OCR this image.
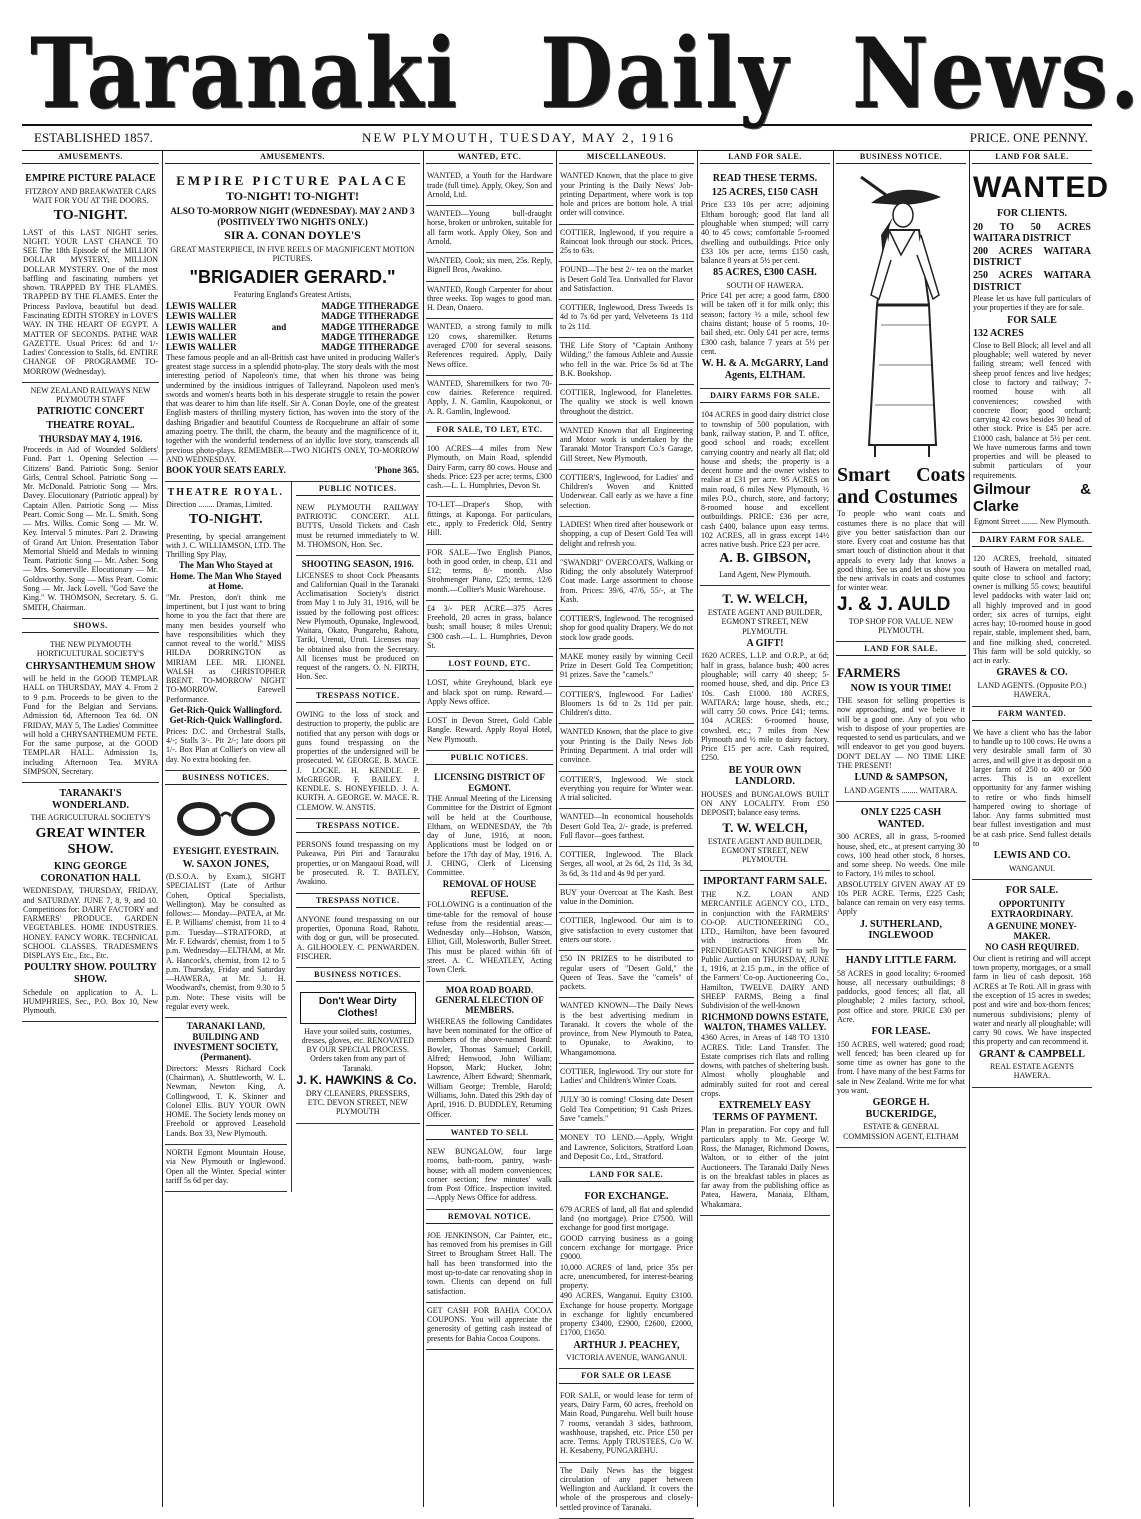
Taranaki Daily News.
ESTABLISHED 1857.	NEW PLYMOUTH, TUESDAY, MAY 2, 1916	PRICE. ONE PENNY.
AMUSEMENTS.

EMPIRE PICTURE PALACE

FITZROY AND BREAKWATER CARS WAIT FOR YOU AT THE DOORS.

TO-NIGHT.

LAST of this LAST NIGHT series. NIGHT. YOUR LAST CHANCE TO SEE The 18th Episode of the MILLION DOLLAR MYSTERY, MILLION DOLLAR MYSTERY. One of the most baffling and fascinating numbers yet shown. TRAPPED BY THE FLAMES. TRAPPED BY THE FLAMES. Enter the Princess Pavlova, beautiful but dead. Fascinating EDITH STOREY in LOVE'S WAY. IN THE HEART OF EGYPT. A MATTER OF SECONDS. PATHE WAR GAZETTE. Usual Prices: 6d and 1/- Ladies' Concession to Stalls, 6d. ENTIRE CHANGE OF PROGRAMME TO-MORROW (Wednesday).

NEW ZEALAND RAILWAYS NEW PLYMOUTH STAFF

PATRIOTIC CONCERT

THEATRE ROYAL.

THURSDAY MAY 4, 1916.

Proceeds in Aid of Wounded Soldiers' Fund. Part 1. Opening Selection — Citizens' Band. Patriotic Song. Senior Girls, Central School. Patriotic Song — Mr. McDonald. Patriotic Song — Mrs. Davey. Elocutionary (Patriotic appeal) by Captain Allen. Patriotic Song — Miss Peart. Comic Song — Mr. L. Smith. Song — Mrs. Wilks. Comic Song — Mr. W. Key. Interval 5 minutes. Part 2. Drawing of Grand Art Union. Presentation Tabor Memorial Shield and Medals to winning Team. Patriotic Song — Mr. Asher. Song — Mrs. Somerville. Elocutionary — Mr. Goldsworthy. Song — Miss Peart. Comic Song — Mr. Jack Lovell. "God Save the King." W. THOMSON, Secretary. S. G. SMITH, Chairman.

SHOWS.

THE NEW PLYMOUTH HORTICULTURAL SOCIETY'S

CHRYSANTHEMUM SHOW

will be held in the GOOD TEMPLAR HALL on THURSDAY, MAY 4. From 2 to 9 p.m. Proceeds to be given to the Fund for the Belgian and Servians. Admission 6d, Afternoon Tea 6d. ON FRIDAY, MAY 5, The Ladies' Committee will hold a CHRYSANTHEMUM FETE. For the same purpose, at the GOOD TEMPLAR HALL. Admission 1s, including Afternoon Tea. MYRA SIMPSON, Secretary.

TARANAKI'S WONDERLAND.

THE AGRICULTURAL SOCIETY'S

GREAT WINTER SHOW.

KING GEORGE CORONATION HALL

WEDNESDAY, THURSDAY, FRIDAY, and SATURDAY. JUNE 7, 8, 9, and 10. Competitions for: DAIRY FACTORY and FARMERS' PRODUCE. GARDEN VEGETABLES. HOME INDUSTRIES. HONEY. FANCY WORK. TECHNICAL SCHOOL CLASSES. TRADESMEN'S DISPLAYS Etc., Etc., Etc.

POULTRY SHOW. POULTRY SHOW.

Schedule on application to A. L. HUMPHRIES, Sec., P.O. Box 10, New Plymouth.

AMUSEMENTS.

EMPIRE PICTURE PALACE

TO-NIGHT! TO-NIGHT!

ALSO TO-MORROW NIGHT (WEDNESDAY). MAY 2 AND 3 (POSITIVELY TWO NIGHTS ONLY.)

SIR A. CONAN DOYLE'S

GREAT MASTERPIECE, IN FIVE REELS OF MAGNIFICENT MOTION PICTURES.

"BRIGADIER GERARD."

Featuring England's Greatest Artists,

LEWIS WALLER	MADGE TITHERADGE
LEWIS WALLER	MADGE TITHERADGE
LEWIS WALLER	and	MADGE TITHERADGE
LEWIS WALLER	MADGE TITHERADGE
LEWIS WALLER	MADGE TITHERADGE

These famous people and an all-British cast have united in producing Waller's greatest stage success in a splendid photo-play. The story deals with the most interesting period of Napoleon's time, that when his throne was being undermined by the insidious intrigues of Talleyrand. Napoleon used men's swords and women's hearts both in his desperate struggle to retain the power that was dearer to him than life itself. Sir A. Conan Doyle, one of the greatest English masters of thrilling mystery fiction, has woven into the story of the dashing Brigadier and beautiful Countess de Rocquebrune an affair of some amazing poetry. The thrill, the charm, the beauty and the magnificence of it, together with the wonderful tenderness of an idyllic love story, transcends all previous photo-plays. REMEMBER—TWO NIGHTS ONLY, TO-MORROW AND WEDNESDAY.

BOOK YOUR SEATS EARLY.	'Phone 365.

THEATRE ROYAL.

Direction ........ Dramas, Limited.

TO-NIGHT.

Presenting, by special arrangement with J. C. WILLIAMSON, LTD. The Thrilling Spy Play,

The Man Who Stayed at Home. The Man Who Stayed at Home.

"Mr. Preston, don't think me impertinent, but I just want to bring home to you the fact that there are many men besides yourself who have responsibilities which they cannot reveal to the world." MISS HILDA DORRINGTON as MIRIAM LEE. MR. LIONEL WALSH as CHRISTOPHER BRENT. TO-MORROW NIGHT TO-MORROW. Farewell Performance.

Get-Rich-Quick Wallingford. Get-Rich-Quick Wallingford.

Prices: D.C. and Orchestral Stalls, 4/-; Stalls 3/-. Pit 2/-; late doors pit 1/-. Box Plan at Collier's on view all day. No extra booking fee.

BUSINESS NOTICES.

EYESIGHT. EYESTRAIN.

W. SAXON JONES,

(D.S.O.A. by Exam.), SIGHT SPECIALIST (Late of Arthur Cohen, Optical Specialists, Wellington). May be consulted as follows:— Monday—PATEA, at Mr. E. P. Williams' chemist, from 11 to 4 p.m. Tuesday—STRATFORD, at Mr. F. Edwards', chemist, from 1 to 5 p.m. Wednesday—ELTHAM, at Mr. A. Hancock's, chemist, from 12 to 5 p.m. Thursday, Friday and Saturday—HAWERA, at Mr. J. H. Woodward's, chemist, from 9.30 to 5 p.m. Note: These visits will be regular every week.

TARANAKI LAND, BUILDING AND INVESTMENT SOCIETY, (Permanent).

Directors: Messrs Richard Cock (Chairman), A. Shuttleworth, W. L. Newman, Newton King, A. Collingwood, T. K. Skinner and Colonel Ellis. BUY YOUR OWN HOME. The Society lends money on Freehold or approved Leasehold Lands. Box 33, New Plymouth.

NORTH Egmont Mountain House, via New Plymouth or Inglewood. Open all the Winter. Special winter tariff 5s 6d per day.

PUBLIC NOTICES.

NEW PLYMOUTH RAILWAY PATRIOTIC CONCERT. ALL BUTTS, Unsold Tickets and Cash must be returned immediately to W. M. THOMSON, Hon. Sec.

SHOOTING SEASON, 1916.

LICENSES to shoot Cock Pheasants and Californian Quail in the Taranaki Acclimatisation Society's district from May 1 to July 31, 1916, will be issued by the following post offices: New Plymouth, Opunake, Inglewood, Waitara, Okato, Pungarehu, Rahotu, Tariki, Urenui, Uruti. Licenses may be obtained also from the Secretary. All licenses must be produced on request of the rangers. O. N. FIRTH, Hon. Sec.

TRESPASS NOTICE.

OWING to the loss of stock and destruction to property, the public are notified that any person with dogs or guns found trespassing on the properties of the undersigned will be prosecuted. W. GEORGE. B. MACE. J. LOCKE. H. KENDLE. P. McGREGOR. F. BAILEY. J. KENDLE. S. HONEYFIELD. J. A. KURTH. A. GEORGE. W. MACE. R. CLEMOW. W. ANSTIS.

TRESPASS NOTICE.

PERSONS found trespassing on my Pukeawa, Piri Piri and Tarauraku properties, or on Mangaoui Road, will be prosecuted. R. T. BATLEY, Awakino.

TRESPASS NOTICE.

ANYONE found trespassing on our properties, Oponuna Road, Rahotu, with dog or gun, will be prosecuted. A. GILHOOLEY. C. PENWARDEN. FISCHER.

BUSINESS NOTICES.
Don't Wear Dirty Clothes!

Have your soiled suits, costumes, dresses, gloves, etc. RENOVATED BY OUR SPECIAL PROCESS. Orders taken from any part of Taranaki.

J. K. HAWKINS & Co.

DRY CLEANERS, PRESSERS, ETC. DEVON STREET, NEW PLYMOUTH

WANTED, ETC.

WANTED, a Youth for the Hardware trade (full time). Apply, Okey, Son and Arnold, Ltd.

WANTED—Young bull-draught horse, broken or unbroken, suitable for all farm work. Apply Okey, Son and Arnold.

WANTED, Cook; six men, 25s. Reply, Bignell Bros, Awakino.

WANTED, Rough Carpenter for about three weeks. Top wages to good man. H. Dean, Onaero.

WANTED, a strong family to milk 120 cows, sharemilker. Returns averaged £700 for several seasons. References required. Apply, Daily News office.

WANTED, Sharemilkers for two 70-cow dairies. Reference required. Apply, J. N. Gamlin, Kaupokonui, or A. R. Gamlin, Inglewood.

FOR SALE, TO LET, ETC.

100 ACRES—4 miles from New Plymouth, on Main Road, splendid Dairy Farm, carry 80 cows. House and sheds. Price: £23 per acre; terms, £300 cash.—L. L. Humphries, Devon St.

TO-LET—Draper's Shop, with fittings, at Kaponga. For particulars, etc., apply to Frederick Old, Sentry Hill.

FOR SALE—Two English Pianos, both in good order, in cheap, £11 and £12; terms, 8/- month. Also Strohmenger Piano, £25; terms, 12/6 month.—Collier's Music Warehouse.

£4 3/- PER ACRE—375 Acres Freehold, 20 acres in grass, balance bush; small house; 8 miles Urenui; £300 cash.—L. L. Humphries, Devon St.

LOST FOUND, ETC.

LOST, white Greyhound, black eye and black spot on rump. Reward.—Apply News office.

LOST in Devon Street, Gold Cable Bangle. Reward. Apply Royal Hotel, New Plymouth.

PUBLIC NOTICES.

LICENSING DISTRICT OF EGMONT.

THE Annual Meeting of the Licensing Committee for the District of Egmont will be held at the Courthouse, Eltham, on WEDNESDAY, the 7th day of June, 1916, at noon. Applications must be lodged on or before the 17th day of May, 1916. A. J. CHING, Clerk of Licensing Committee.

REMOVAL OF HOUSE REFUSE.

FOLLOWING is a continuation of the time-table for the removal of house refuse from the residential areas:— Wednesday only—Hobson, Watson, Elliot, Gill, Molesworth, Buller Street. This must be placed within 6ft of street. A. C. WHEATLEY, Acting Town Clerk.

MOA ROAD BOARD. GENERAL ELECTION OF MEMBERS.

WHEREAS the following Candidates have been nominated for the office of members of the above-named Board: Bowler, Thomas Samuel; Corkill, Alfred; Henwood, John William; Hopson, Mark; Hucker, John; Lawrence, Albert Edward; Shenmark, William George; Tremble, Harold; Williams, John. Dated this 29th day of April, 1916. D. BUDDLEY, Returning Officer.

WANTED TO SELL

NEW BUNGALOW, four large rooms, bath-room, pantry, wash-house; with all modern conveniences; corner section; few minutes' walk from Post Office. Inspection invited.—Apply News Office for address.

REMOVAL NOTICE.

JOE JENKINSON, Car Painter, etc., has removed from his premises in Gill Street to Brougham Street Hall. The hall has been transformed into the most up-to-date car renovating shop in town. Clients can depend on full satisfaction.

GET CASH FOR BAHIA COCOA COUPONS. You will appreciate the generosity of getting cash instead of presents for Bahia Cocoa Coupons.

MISCELLANEOUS.

WANTED Known, that the place to give your Printing is the Daily News' Job-printing Department, where work is top hole and prices are bottom hole. A trial order will convince.

COTTIER, Inglewood, if you require a Raincoat look through our stock. Prices, 25s to 63s.

FOUND—The best 2/- tea on the market is Desert Gold Tea. Unrivalled for Flavor and Satisfaction.

COTTIER, Inglewood, Dress Tweeds 1s 4d to 7s 6d per yard, Velveteens 1s 11d to 2s 11d.

THE Life Story of "Captain Anthony Wilding," the famous Athlete and Aussie who fell in the war. Price 5s 6d at The B.K. Bookshop.

COTTIER, Inglewood, for Flanelettes. The quality we stock is well known throughout the district.

WANTED Known that all Engineering and Motor work is undertaken by the Taranaki Motor Transport Co.'s Garage, Gill Street, New Plymouth.

COTTIER'S, Inglewood, for Ladies' and Children's Woven and Knitted Underwear. Call early as we have a fine selection.

LADIES! When tired after housework or shopping, a cup of Desert Gold Tea will delight and refresh you.

"SWANDRI" OVERCOATS, Walking or Riding; the only absolutely Waterproof Coat made. Large assortment to choose from. Prices: 39/6, 47/6, 55/-, at The Kash.

COTTIER'S, Inglewood. The recognised shop for good quality Drapery. We do not stock low grade goods.

MAKE money easily by winning Cecil Prize in Desert Gold Tea Competition; 91 prizes. Save the "camels."

COTTIER'S, Inglewood. For Ladies' Bloomers 1s 6d to 2s 11d per pair. Children's ditto.

WANTED Known, that the place to give your Printing is the Daily News Job Printing Department. A trial order will convince.

COTTIER'S, Inglewood. We stock everything you require for Winter wear. A trial solicited.

WANTED—In economical households Desert Gold Tea, 2/- grade, is preferred. Full flavor—goes farthest.

COTTIER, Inglewood. The Black Serges, all wool, at 2s 6d, 2s 11d, 3s 3d, 3s 6d, 3s 11d and 4s 9d per yard.

BUY your Overcoat at The Kash. Best value in the Dominion.

COTTIER, Inglewood. Our aim is to give satisfaction to every customer that enters our store.

£50 IN PRIZES to be distributed to regular users of "Desert Gold," the Queen of Teas. Save the "camels" of packets.

WANTED KNOWN—The Daily News is the best advertising medium in Taranaki. It covers the whole of the province, from New Plymouth to Patea, to Opunake, to Awakino, to Whangamomona.

COTTIER, Inglewood. Try our store for Ladies' and Children's Winter Coats.

JULY 30 is coming! Closing date Desert Gold Tea Competition; 91 Cash Prizes. Save "camels."

MONEY TO LEND.—Apply, Wright and Lawrence, Solicitors, Stratford Loan and Deposit Co., Ltd., Stratford.

LAND FOR SALE.

FOR EXCHANGE.

679 ACRES of land, all flat and splendid land (no mortgage). Price £7500. Will exchange for good first mortgage.

GOOD carrying business as a going concern exchange for mortgage. Price £9000.

10,000 ACRES of land, price 35s per acre, unencumbered, for interest-bearing property.

490 ACRES, Wanganui. Equity £3100. Exchange for house property. Mortgage in exchange for lightly encumbered property £3400, £2900, £2600, £2000, £1700, £1650.

ARTHUR J. PEACHEY,

VICTORIA AVENUE, WANGANUI.

FOR SALE OR LEASE

FOR SALE, or would lease for term of years, Dairy Farm, 60 acres, freehold on Main Road, Pungarehu. Well built house 7 rooms, verandah 3 sides, bathroom, washhouse, trapshed, etc. Price £50 per acre. Terms. Apply TRUSTEES, C/o W. H. Kesaberry, PUNGAREHU.

The Daily News has the biggest circulation of any paper between Wellington and Auckland. It covers the whole of the prosperous and closely-settled province of Taranaki.

LAND FOR SALE.

READ THESE TERMS.

125 ACRES, £150 CASH

Price £33 10s per acre; adjoining Eltham borough; good flat land all ploughable when stumped; will carry 40 to 45 cows; comfortable 5-roomed dwelling and outbuildings. Price only £33 10s per acre, terms £150 cash, balance 8 years at 5½ per cent.

85 ACRES, £300 CASH.

SOUTH OF HAWERA.

Price £41 per acre; a good farm, £800 will be taken off it for milk only; this season; factory ½ a mile, school few chains distant; house of 5 rooms, 10-bail shed, etc. Only £41 per acre, terms £300 cash, balance 7 years at 5½ per cent.

W. H. & A. McGARRY, Land Agents, ELTHAM.

DAIRY FARMS FOR SALE.

104 ACRES in good dairy district close to township of 500 population, with bank, railway station, P. and T. office, good school and roads; excellent carrying country and nearly all flat; old house and sheds; the property is a decent home and the owner wishes to realise at £31 per acre. 95 ACRES on main road, 6 miles New Plymouth, ½ miles P.O., church, store, and factory; 8-roomed house and excellent outbuildings. PRICE: £36 per acre, cash £400, balance upon easy terms. 102 ACRES, all in grass except 14½ acres native bush. Price £23 per acre.

A. B. GIBSON,

Land Agent, New Plymouth.

T. W. WELCH,

ESTATE AGENT AND BUILDER, EGMONT STREET, NEW PLYMOUTH.

A GIFT!

1620 ACRES, L.I.P. and O.R.P., at 6d; half in grass, balance bush; 400 acres ploughable; will carry 40 sheep; 5-roomed house, shed, and dip. Price £3 10s. Cash £1000. 180 ACRES, WAITARA; large house, sheds, etc.; will carry 50 cows. Price £41; terms. 104 ACRES: 6-roomed house, cowshed, etc.; 7 miles from New Plymouth and ½ mile to dairy factory. Price £15 per acre. Cash required, £250.

BE YOUR OWN LANDLORD.

HOUSES and BUNGALOWS BUILT ON ANY LOCALITY. From £50 DEPOSIT; balance easy terms.

T. W. WELCH,

ESTATE AGENT AND BUILDER, EGMONT STREET, NEW PLYMOUTH.

IMPORTANT FARM SALE.

THE N.Z. LOAN AND MERCANTILE AGENCY CO., LTD., in conjunction with the FARMERS' CO-OP. AUCTIONEERING CO., LTD., Hamilton, have been favoured with instructions from Mr. PRENDERGAST KNIGHT to sell by Public Auction on THURSDAY, JUNE 1, 1916, at 2.15 p.m., in the office of the Farmers' Co-op. Auctioneering Co., Hamilton, TWELVE DAIRY AND SHEEP FARMS, Being a final Subdivision of the well-known

RICHMOND DOWNS ESTATE, WALTON, THAMES VALLEY.

4360 Acres, in Areas of 148 TO 1310 ACRES. Title: Land Transfer. The Estate comprises rich flats and rolling downs, with patches of sheltering bush. Almost wholly ploughable and admirably suited for root and cereal crops.

EXTREMELY EASY TERMS OF PAYMENT.

Plan in preparation. For copy and full particulars apply to Mr. George W. Ross, the Manager, Richmond Downs, Walton, or to either of the joint Auctioneers. The Taranaki Daily News is on the breakfast tables in places as far away from the publishing office as Patea, Hawera, Manaia, Eltham, Whakamara.

BUSINESS NOTICE.

Smart Coats and Costumes

To people who want coats and costumes there is no place that will give you better satisfaction than our store. Every coat and costume has that smart touch of distinction about it that appeals to every lady that knows a good thing. See us and let us show you the new arrivals in coats and costumes for winter wear.

J. & J. AULD

TOP SHOP FOR VALUE. NEW PLYMOUTH.

LAND FOR SALE.

FARMERS

NOW IS YOUR TIME!

THE season for selling properties is now approaching, and we believe it will be a good one. Any of you who wish to dispose of your properties are requested to send us particulars, and we will endeavor to get you good buyers. DON'T DELAY — NO TIME LIKE THE PRESENT!

LUND & SAMPSON,

LAND AGENTS ........ WAITARA.

ONLY £225 CASH WANTED.

300 ACRES, all in grass, 5-roomed house, shed, etc., at present carrying 30 cows, 100 head other stock, 8 horses, and some sheep. No weeds. One mile to Factory, 1½ miles to school.

ABSOLUTELY GIVEN AWAY AT £9 10s PER ACRE. Terms, £225 Cash; balance can remain on very easy terms. Apply

J. SUTHERLAND, INGLEWOOD

HANDY LITTLE FARM.

58 ACRES in good locality; 6-roomed house, all necessary outbuildings; 8 paddocks, good fences; all flat, all ploughable; 2 miles factory, school, post office and store. PRICE £30 per Acre.

FOR LEASE.

150 ACRES, well watered; good road; well fenced; has been cleared up for some time as owner has gone to the front. I have many of the best Farms for sale in New Zealand. Write me for what you want.

GEORGE H. BUCKERIDGE,

ESTATE & GENERAL COMMISSION AGENT, ELTHAM

LAND FOR SALE.

WANTED

FOR CLIENTS.

20 TO 50 ACRES WAITARA DISTRICT

200 ACRES WAITARA DISTRICT

250 ACRES WAITARA DISTRICT

Please let us have full particulars of your properties if they are for sale.

FOR SALE

132 ACRES

Close to Bell Block; all level and all ploughable; well watered by never failing stream; well fenced with sheep proof fences and live hedges; close to factory and railway; 7-roomed house with all conveniences; cowshed with concrete floor; good orchard; carrying 42 cows besides 30 head of other stock. Price is £45 per acre. £1000 cash, balance at 5½ per cent. We have numerous farms and town properties and will be pleased to submit particulars of your requirements.

Gilmour & Clarke

Egmont Street ........ New Plymouth.

DAIRY FARM FOR SALE.

120 ACRES, freehold, situated south of Hawera on metalled road, quite close to school and factory; owner is milking 55 cows; beautiful level paddocks with water laid on; all highly improved and in good order; six acres of turnips, eight acres hay; 10-roomed house in good repair, stable, implement shed, barn, and fine milking shed, concreted. This farm will be sold quickly, so act in early.

GRAVES & CO.

LAND AGENTS. (Opposite P.O.) HAWERA.

FARM WANTED.

We have a client who has the labor to handle up to 100 cows. He owns a very desirable small farm of 30 acres, and will give it as deposit on a larger farm of 250 to 400 or 500 acres. This is an excellent opportunity for any farmer wishing to retire or who finds himself hampered owing to shortage of labor. Any farms submitted must bear fullest investigation and must be at cash price. Send fullest details to

LEWIS AND CO.

WANGANUI.

FOR SALE.

OPPORTUNITY EXTRAORDINARY.

A GENUINE MONEY-MAKER.

NO CASH REQUIRED.

Our client is retiring and will accept town property, mortgages, or a small farm in lieu of cash deposit. 168 ACRES at Te Roti. All in grass with the exception of 15 acres in swedes; post and wire and box-thorn fences; numerous subdivisions; plenty of water and nearly all ploughable; will carry 90 cows. We have inspected this property and can recommend it.

GRANT & CAMPBELL

REAL ESTATE AGENTS HAWERA.
